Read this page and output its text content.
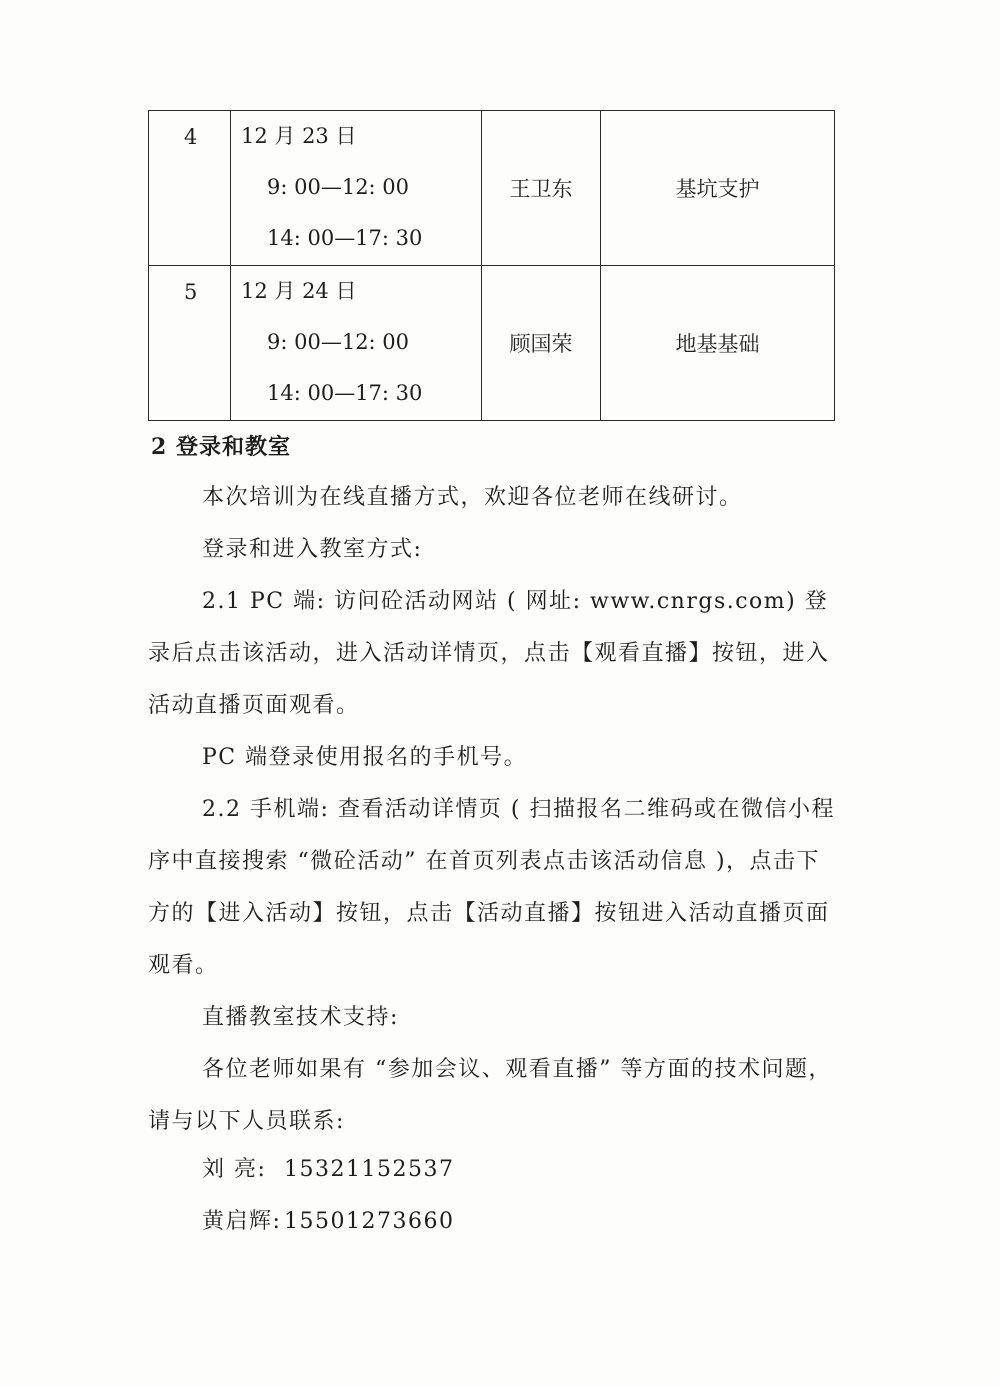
4	12 月 23 日
9: 00—12: 00
14: 00—17: 30	王卫东	基坑支护

5	12 月 24 日
9: 00—12: 00
14: 00—17: 30	顾国荣	地基基础
2 登录和教室
本次培训为在线直播方式，欢迎各位老师在线研讨。
登录和进入教室方式:
2.1 PC 端: 访问砼活动网站 ( 网址: www.cnrgs.com) 登录后点击该活动，进入活动详情页，点击【观看直播】按钮，进入活动直播页面观看。
PC 端登录使用报名的手机号。
2.2 手机端: 查看活动详情页 ( 扫描报名二维码或在微信小程序中直接搜索 “微砼活动” 在首页列表点击该活动信息 )，点击下方的【进入活动】按钮，点击【活动直播】按钮进入活动直播页面观看。
直播教室技术支持:
各位老师如果有 “参加会议、观看直播” 等方面的技术问题，请与以下人员联系:
刘 亮: 15321152537
黄启辉: 15501273660
